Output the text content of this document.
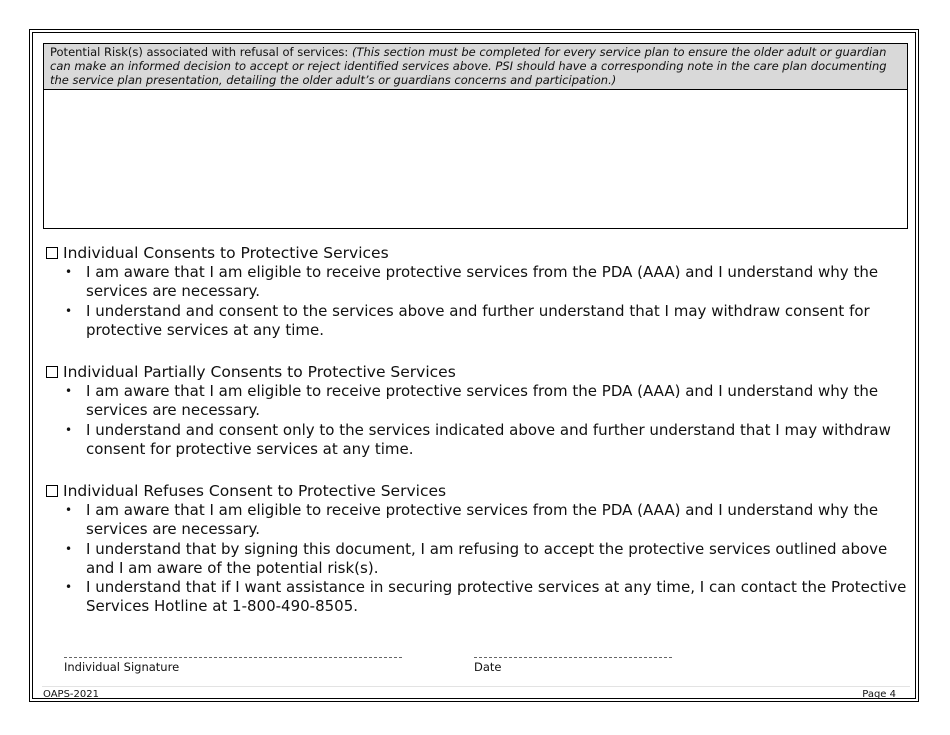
Potential Risk(s) associated with refusal of services: (This section must be completed for every service plan to ensure the older adult or guardian can make an informed decision to accept or reject identified services above. PSI should have a corresponding note in the care plan documenting the service plan presentation, detailing the older adult’s or guardians concerns and participation.)
Individual Consents to Protective Services
• I am aware that I am eligible to receive protective services from the PDA (AAA) and I understand why the services are necessary.
• I understand and consent to the services above and further understand that I may withdraw consent for protective services at any time.
Individual Partially Consents to Protective Services
• I am aware that I am eligible to receive protective services from the PDA (AAA) and I understand why the services are necessary.
• I understand and consent only to the services indicated above and further understand that I may withdraw consent for protective services at any time.
Individual Refuses Consent to Protective Services
• I am aware that I am eligible to receive protective services from the PDA (AAA) and I understand why the services are necessary.
• I understand that by signing this document, I am refusing to accept the protective services outlined above and I am aware of the potential risk(s).
• I understand that if I want assistance in securing protective services at any time, I can contact the Protective Services Hotline at 1-800-490-8505.
Individual Signature	Date
OAPS-2021	Page 4
